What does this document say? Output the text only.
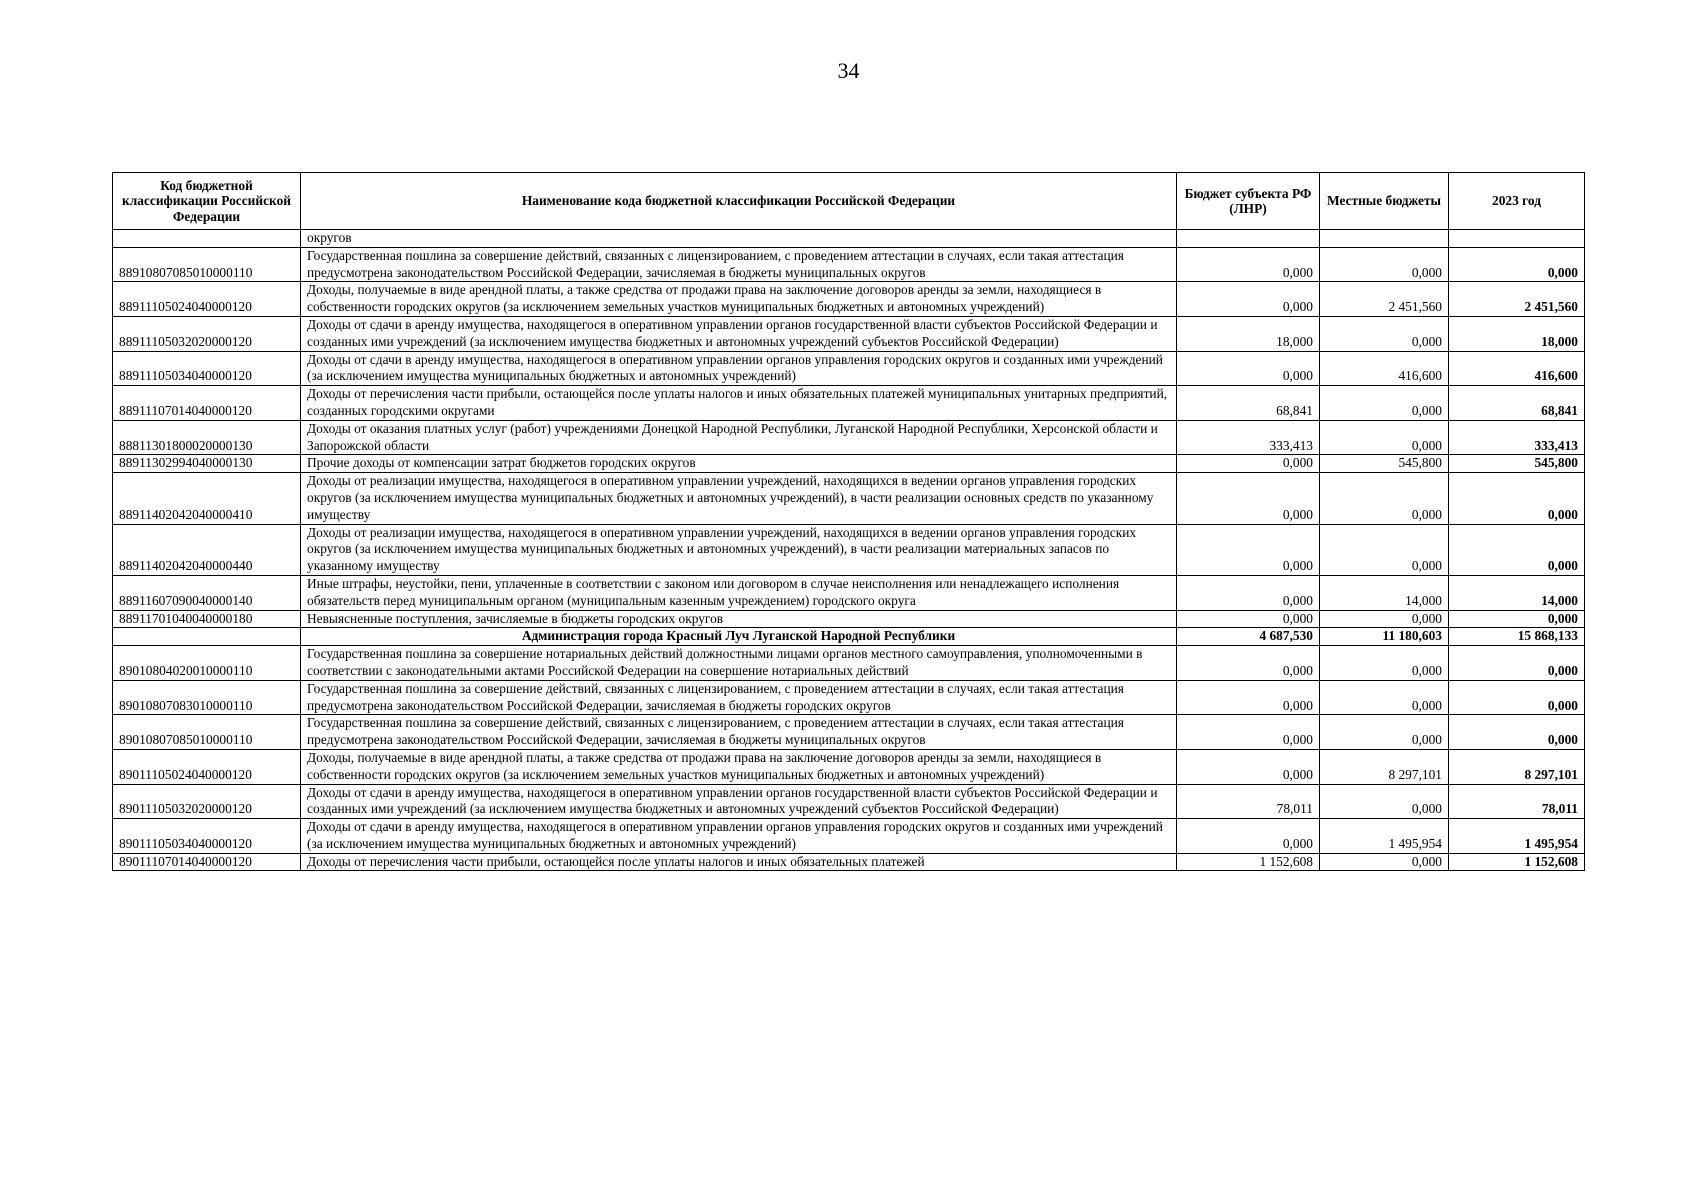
34
Код бюджетной классификации Российской Федерации	Наименование кода бюджетной классификации Российской Федерации	Бюджет субъекта РФ (ЛНР)	Местные бюджеты	2023 год
	округов			
88910807085010000110	Государственная пошлина за совершение действий, связанных с лицензированием, с проведением аттестации в случаях, если такая аттестация предусмотрена законодательством Российской Федерации, зачисляемая в бюджеты муниципальных округов	0,000	0,000	0,000
88911105024040000120	Доходы, получаемые в виде арендной платы, а также средства от продажи права на заключение договоров аренды за земли, находящиеся в собственности городских округов (за исключением земельных участков муниципальных бюджетных и автономных учреждений)	0,000	2 451,560	2 451,560
88911105032020000120	Доходы от сдачи в аренду имущества, находящегося в оперативном управлении органов государственной власти субъектов Российской Федерации и созданных ими учреждений (за исключением имущества бюджетных и автономных учреждений субъектов Российской Федерации)	18,000	0,000	18,000
88911105034040000120	Доходы от сдачи в аренду имущества, находящегося в оперативном управлении органов управления городских округов и созданных ими учреждений (за исключением имущества муниципальных бюджетных и автономных учреждений)	0,000	416,600	416,600
88911107014040000120	Доходы от перечисления части прибыли, остающейся после уплаты налогов и иных обязательных платежей муниципальных унитарных предприятий, созданных городскими округами	68,841	0,000	68,841
88811301800020000130	Доходы от оказания платных услуг (работ) учреждениями Донецкой Народной Республики, Луганской Народной Республики, Херсонской области и Запорожской области	333,413	0,000	333,413
88911302994040000130	Прочие доходы от компенсации затрат бюджетов городских округов	0,000	545,800	545,800
88911402042040000410	Доходы от реализации имущества, находящегося в оперативном управлении учреждений, находящихся в ведении органов управления городских округов (за исключением имущества муниципальных бюджетных и автономных учреждений), в части реализации основных средств по указанному имуществу	0,000	0,000	0,000
88911402042040000440	Доходы от реализации имущества, находящегося в оперативном управлении учреждений, находящихся в ведении органов управления городских округов (за исключением имущества муниципальных бюджетных и автономных учреждений), в части реализации материальных запасов по указанному имуществу	0,000	0,000	0,000
88911607090040000140	Иные штрафы, неустойки, пени, уплаченные в соответствии с законом или договором в случае неисполнения или ненадлежащего исполнения обязательств перед муниципальным органом (муниципальным казенным учреждением) городского округа	0,000	14,000	14,000
88911701040040000180	Невыясненные поступления, зачисляемые в бюджеты городских округов	0,000	0,000	0,000
	Администрация города Красный Луч Луганской Народной Республики	4 687,530	11 180,603	15 868,133
89010804020010000110	Государственная пошлина за совершение нотариальных действий должностными лицами органов местного самоуправления, уполномоченными в соответствии с законодательными актами Российской Федерации на совершение нотариальных действий	0,000	0,000	0,000
89010807083010000110	Государственная пошлина за совершение действий, связанных с лицензированием, с проведением аттестации в случаях, если такая аттестация предусмотрена законодательством Российской Федерации, зачисляемая в бюджеты городских округов	0,000	0,000	0,000
89010807085010000110	Государственная пошлина за совершение действий, связанных с лицензированием, с проведением аттестации в случаях, если такая аттестация предусмотрена законодательством Российской Федерации, зачисляемая в бюджеты муниципальных округов	0,000	0,000	0,000
89011105024040000120	Доходы, получаемые в виде арендной платы, а также средства от продажи права на заключение договоров аренды за земли, находящиеся в собственности городских округов (за исключением земельных участков муниципальных бюджетных и автономных учреждений)	0,000	8 297,101	8 297,101
89011105032020000120	Доходы от сдачи в аренду имущества, находящегося в оперативном управлении органов государственной власти субъектов Российской Федерации и созданных ими учреждений (за исключением имущества бюджетных и автономных учреждений субъектов Российской Федерации)	78,011	0,000	78,011
89011105034040000120	Доходы от сдачи в аренду имущества, находящегося в оперативном управлении органов управления городских округов и созданных ими учреждений (за исключением имущества муниципальных бюджетных и автономных учреждений)	0,000	1 495,954	1 495,954
89011107014040000120	Доходы от перечисления части прибыли, остающейся после уплаты налогов и иных обязательных платежей	1 152,608	0,000	1 152,608
